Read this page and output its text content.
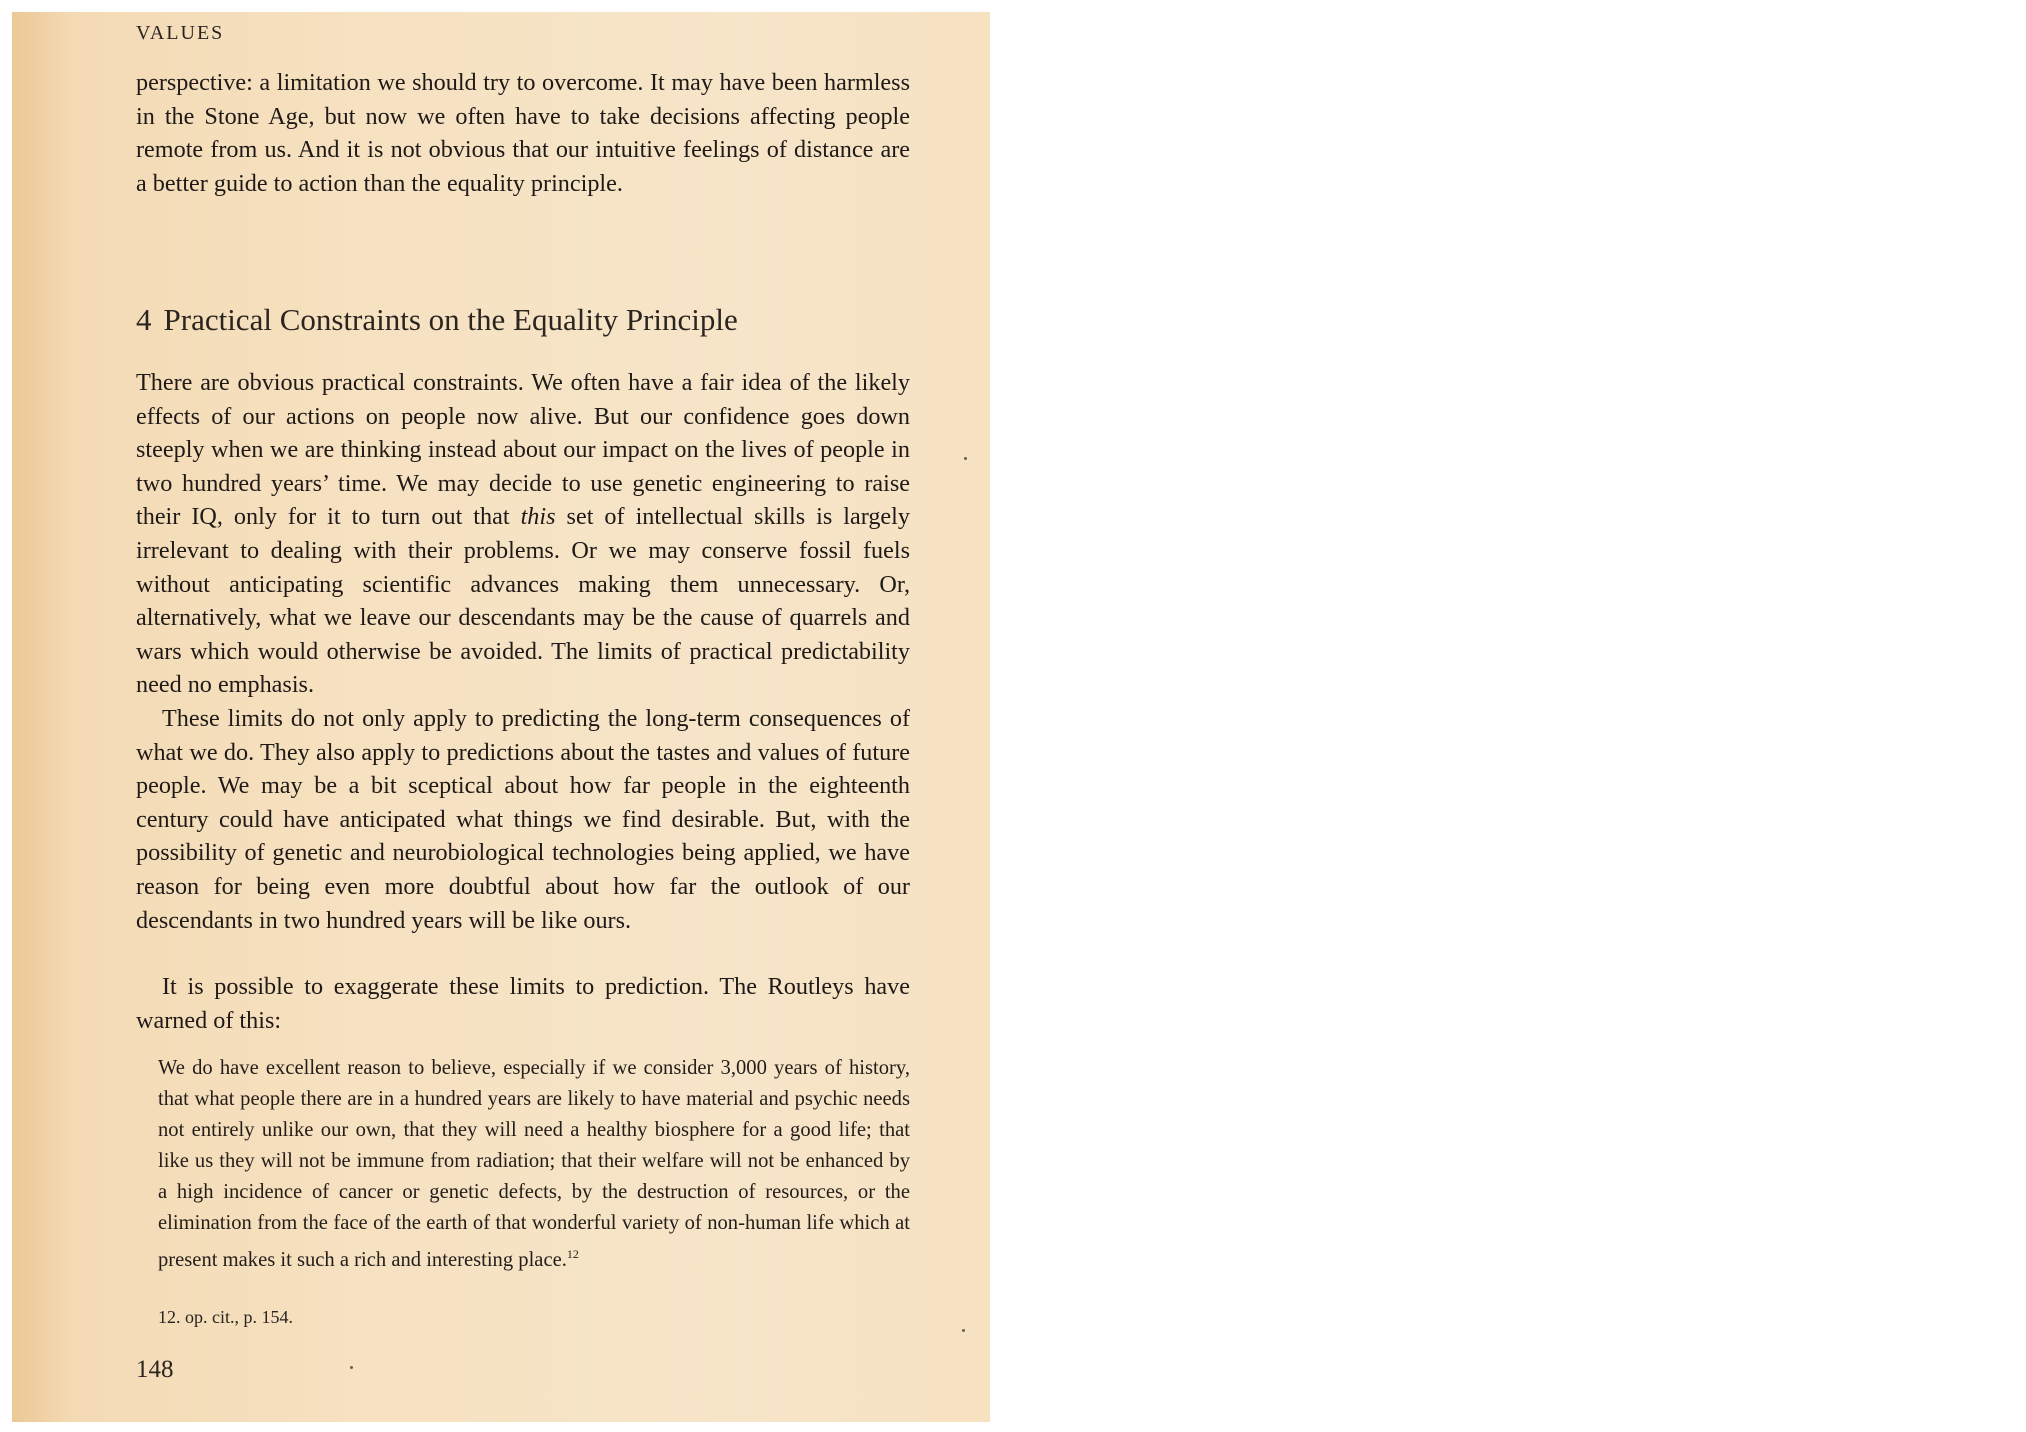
VALUES

perspective: a limitation we should try to overcome. It may have been harmless in the Stone Age, but now we often have to take decisions affecting people remote from us. And it is not obvious that our intuitive feelings of distance are a better guide to action than the equality principle.

4 Practical Constraints on the Equality Principle

There are obvious practical constraints. We often have a fair idea of the likely effects of our actions on people now alive. But our confidence goes down steeply when we are thinking instead about our impact on the lives of people in two hundred years’ time. We may decide to use genetic engineering to raise their IQ, only for it to turn out that this set of intellectual skills is largely irrelevant to dealing with their problems. Or we may conserve fossil fuels without anticipating scientific advances making them unnecessary. Or, alternatively, what we leave our descendants may be the cause of quarrels and wars which would otherwise be avoided. The limits of practical predictability need no emphasis.

These limits do not only apply to predicting the long-term consequences of what we do. They also apply to predictions about the tastes and values of future people. We may be a bit sceptical about how far people in the eighteenth century could have anticipated what things we find desirable. But, with the possibility of genetic and neurobiological technologies being applied, we have reason for being even more doubtful about how far the outlook of our descendants in two hundred years will be like ours.

It is possible to exaggerate these limits to prediction. The Routleys have warned of this:

We do have excellent reason to believe, especially if we consider 3,000 years of history, that what people there are in a hundred years are likely to have material and psychic needs not entirely unlike our own, that they will need a healthy biosphere for a good life; that like us they will not be immune from radiation; that their welfare will not be enhanced by a high incidence of cancer or genetic defects, by the destruction of resources, or the elimination from the face of the earth of that wonderful variety of non-human life which at present makes it such a rich and interesting place.$^{12}$

12. op. cit., p. 154.
148
